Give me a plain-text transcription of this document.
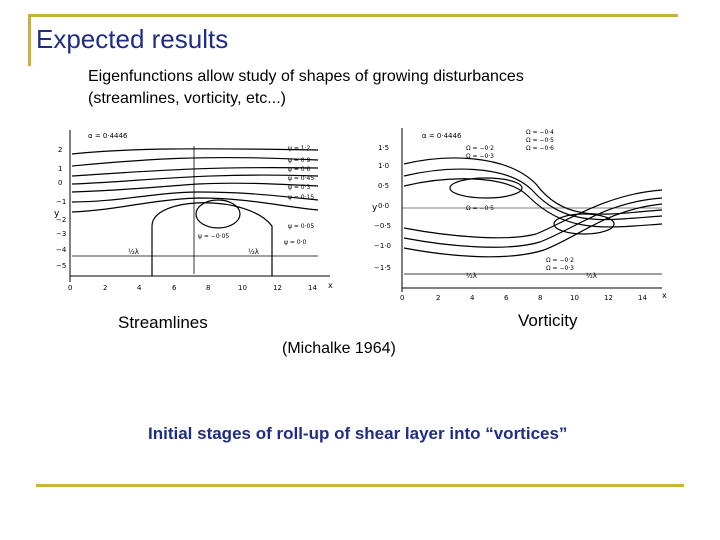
Expected results
Eigenfunctions allow study of shapes of growing disturbances
(streamlines, vorticity, etc...)
y
2
1
0
−1
−2
−3
−4
−5
0	2	4	6	8	10	12	14 x
α = 0·4446
ψ = 1·2
ψ = 0·9
ψ = 0·6
ψ = 0·45
ψ = 0·3
ψ = 0·15
ψ = 0·05
ψ = −0·05
ψ = 0·0
½λ	½λ
y
1·5
1·0
0·5
0·0
−0·5
−1·0
−1·5
0	2	4	6	8	10	12	14 x
α = 0·4446	Ω = −0·4
Ω = −0·5
Ω = −0·6
Ω = −0·2
Ω = −0·3
Ω = −0·5
Ω = −0·2
Ω = −0·3
½λ	½λ
Streamlines	Vorticity
(Michalke 1964)
Initial stages of roll-up of shear layer into “vortices”
